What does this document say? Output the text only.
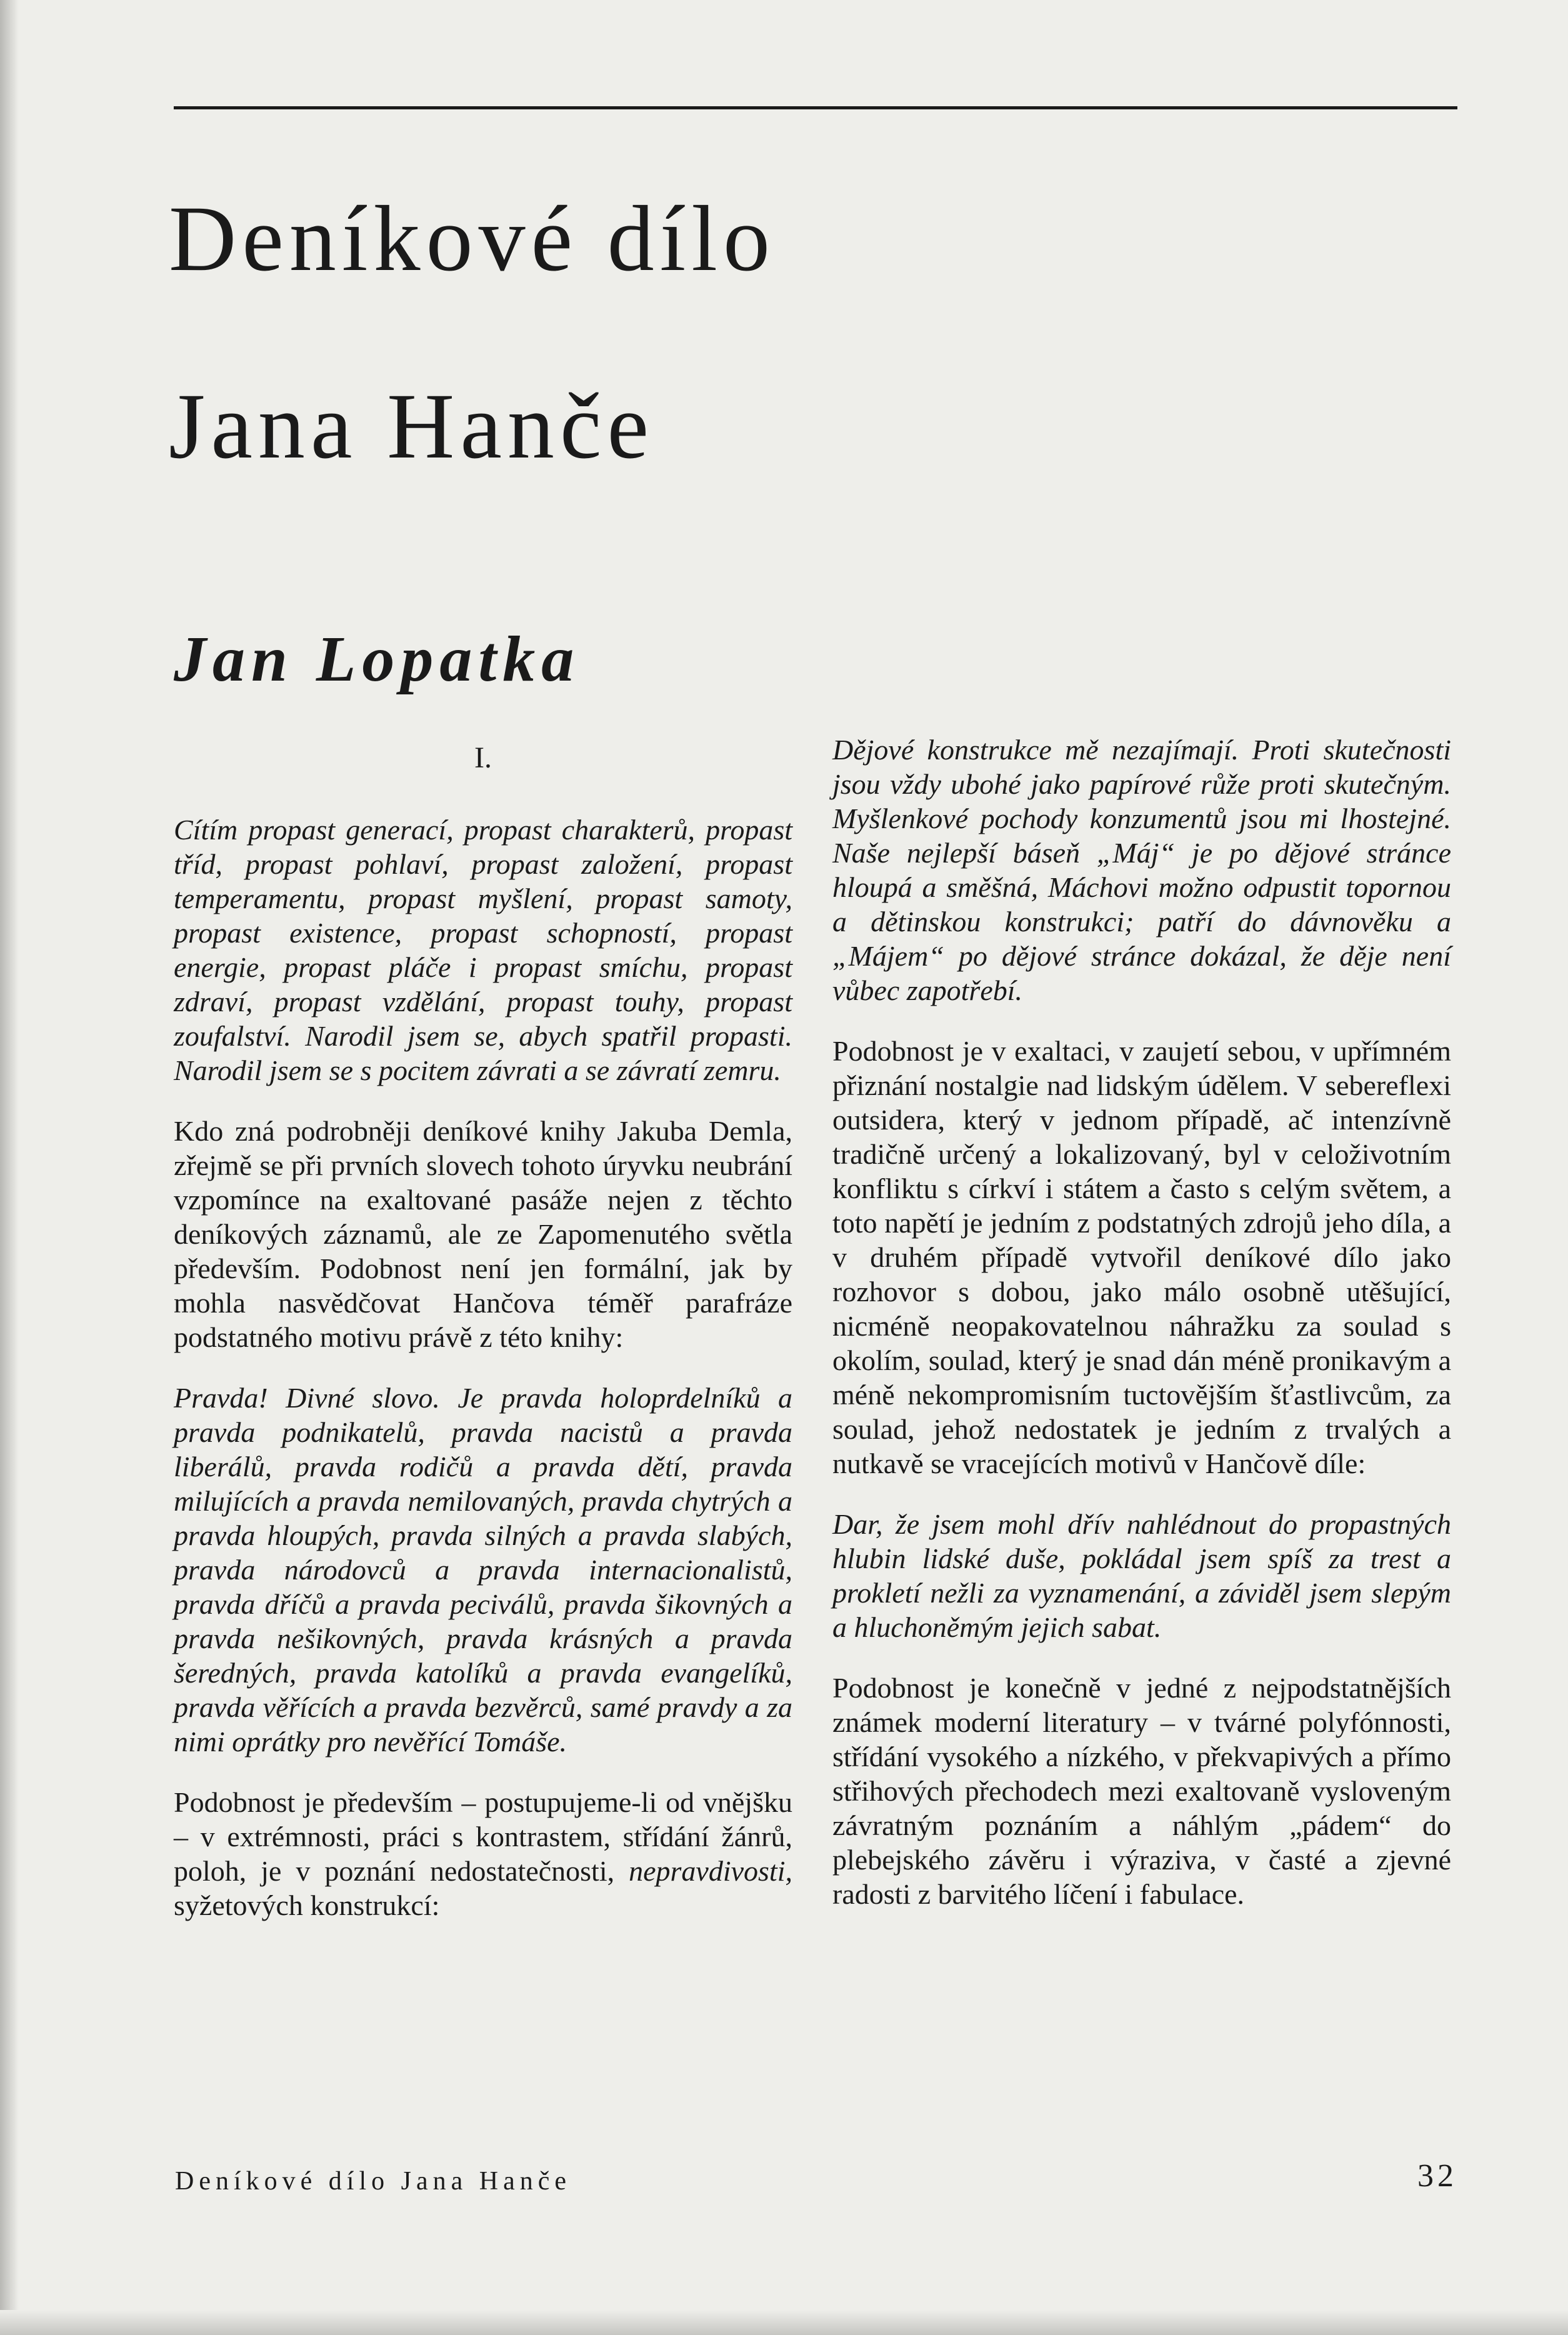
Deníkové dílo
Jana Hanče
Jan Lopatka
I.

Cítím propast generací, propast charakterů, propast tříd, propast pohlaví, propast založení, propast temperamentu, propast myšlení, propast samoty, propast existence, propast schopností, propast energie, propast pláče i propast smíchu, propast zdraví, propast vzdělání, propast touhy, propast zoufalství. Narodil jsem se, abych spatřil propasti. Narodil jsem se s pocitem závrati a se závratí zemru.

Kdo zná podrobněji deníkové knihy Jakuba Demla, zřejmě se při prvních slovech tohoto úryvku neubrání vzpomínce na exaltované pasáže nejen z těchto deníkových záznamů, ale ze Zapomenutého světla především. Podobnost není jen formální, jak by mohla nasvědčovat Hančova téměř parafráze podstatného motivu právě z této knihy:

Pravda! Divné slovo. Je pravda holoprdelníků a pravda podnikatelů, pravda nacistů a pravda liberálů, pravda rodičů a pravda dětí, pravda milujících a pravda nemilovaných, pravda chytrých a pravda hloupých, pravda silných a pravda slabých, pravda národovců a pravda internacionalistů, pravda dříčů a pravda peciválů, pravda šikovných a pravda nešikovných, pravda krásných a pravda šeredných, pravda katolíků a pravda evangelíků, pravda věřících a pravda bezvěrců, samé pravdy a za nimi oprátky pro nevěřící Tomáše.

Podobnost je především – postupujeme-li od vnějšku – v extrémnosti, práci s kontrastem, střídání žánrů, poloh, je v poznání nedostatečnosti, nepravdivosti, syžetových konstrukcí:

Dějové konstrukce mě nezajímají. Proti skutečnosti jsou vždy ubohé jako papírové růže proti skutečným. Myšlenkové pochody konzumentů jsou mi lhostejné. Naše nejlepší báseň „Máj“ je po dějové stránce hloupá a směšná, Máchovi možno odpustit topornou a dětinskou konstrukci; patří do dávnověku a „Májem“ po dějové stránce dokázal, že děje není vůbec zapotřebí.

Podobnost je v exaltaci, v zaujetí sebou, v upřímném přiznání nostalgie nad lidským údělem. V sebereflexi outsidera, který v jednom případě, ač intenzívně tradičně určený a lokalizovaný, byl v celoživotním konfliktu s církví i státem a často s celým světem, a toto napětí je jedním z podstatných zdrojů jeho díla, a v druhém případě vytvořil deníkové dílo jako rozhovor s dobou, jako málo osobně utěšující, nicméně neopakovatelnou náhražku za soulad s okolím, soulad, který je snad dán méně pronikavým a méně nekompromisním tuctovějším šťastlivcům, za soulad, jehož nedostatek je jedním z trvalých a nutkavě se vracejících motivů v Hančově díle:

Dar, že jsem mohl dřív nahlédnout do propastných hlubin lidské duše, pokládal jsem spíš za trest a prokletí nežli za vyznamenání, a záviděl jsem slepým a hluchoněmým jejich sabat.

Podobnost je konečně v jedné z nejpodstatnějších známek moderní literatury – v tvárné polyfónnosti, střídání vysokého a nízkého, v překvapivých a přímo střihových přechodech mezi exaltovaně vysloveným závratným poznáním a náhlým „pádem“ do plebejského závěru i výraziva, v časté a zjevné radosti z barvitého líčení i fabulace.

Deníkové dílo Jana Hanče	32
